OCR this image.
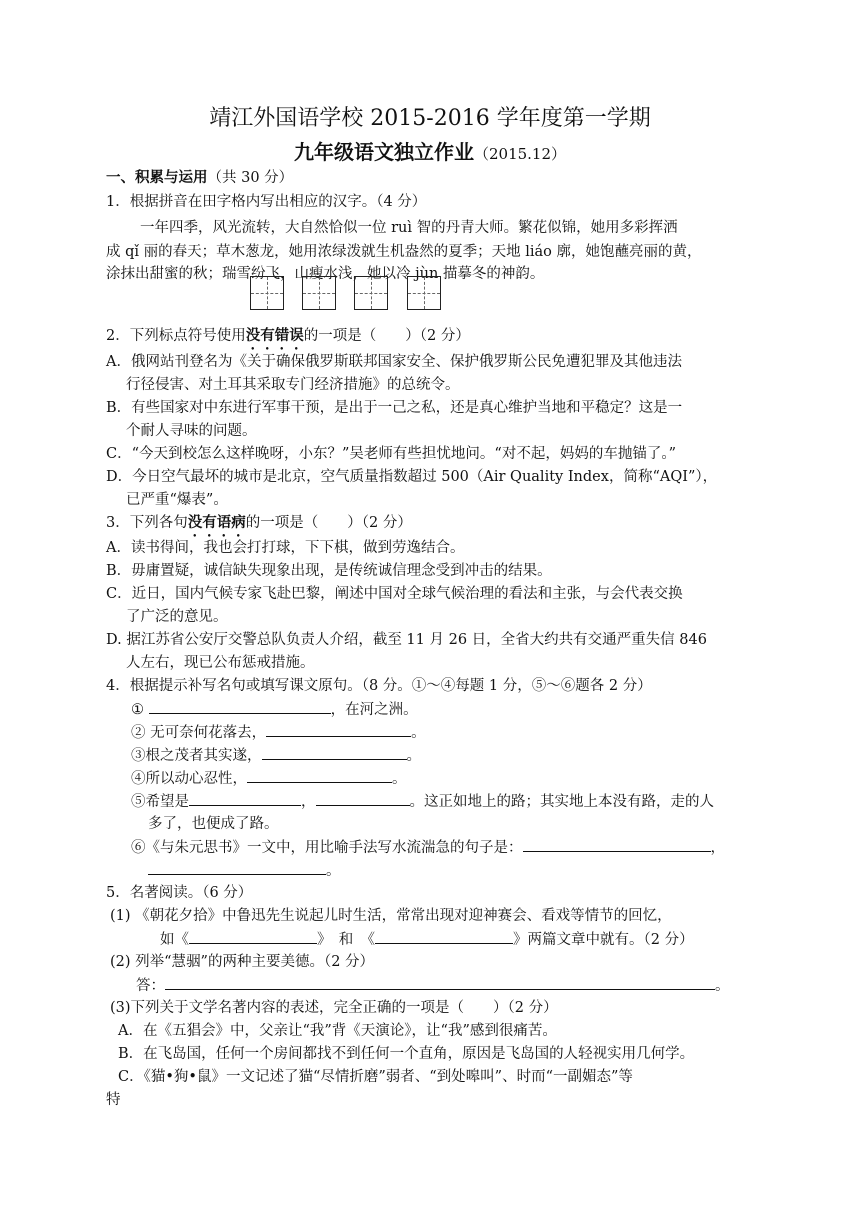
靖江外国语学校 2015-2016 学年度第一学期
九年级语文独立作业（2015.12）
一、积累与运用（共 30 分）
1．根据拼音在田字格内写出相应的汉字。（4 分）
一年四季，风光流转，大自然恰似一位 ruì 智的丹青大师。繁花似锦，她用多彩挥洒
成 qǐ 丽的春天；草木葱龙，她用浓绿泼就生机盎然的夏季；天地 liáo 廓，她饱蘸亮丽的黄，
涂抹出甜蜜的秋；瑞雪纷飞，山瘦水浅，她以冷 jùn 描摹冬的神韵。
2．下列标点符号使用没有错误的一项是（　　）（2 分）
A．俄网站刊登名为《关于确保俄罗斯联邦国家安全、保护俄罗斯公民免遭犯罪及其他违法
行径侵害、对土耳其采取专门经济措施》的总统令。
B．有些国家对中东进行军事干预，是出于一己之私，还是真心维护当地和平稳定？这是一
个耐人寻味的问题。
C．“今天到校怎么这样晚呀，小东？”吴老师有些担忧地问。“对不起，妈妈的车抛锚了。”
D．今日空气最坏的城市是北京，空气质量指数超过 500（Air Quality Index，简称“AQI”），
已严重“爆表”。
3．下列各句没有语病的一项是（　　）（2 分）
A．读书得间，我也会打打球，下下棋，做到劳逸结合。
B．毋庸置疑，诚信缺失现象出现，是传统诚信理念受到冲击的结果。
C．近日，国内气候专家飞赴巴黎，阐述中国对全球气候治理的看法和主张，与会代表交换
了广泛的意见。
D. 据江苏省公安厅交警总队负责人介绍，截至 11 月 26 日，全省大约共有交通严重失信 846
人左右，现已公布惩戒措施。
4．根据提示补写名句或填写课文原句。（8 分。①～④每题 1 分，⑤～⑥题各 2 分）
①	，在河之洲。
② 无可奈何花落去，	。
③根之茂者其实遂，	。
④所以动心忍性，	。
⑤希望是	，	。这正如地上的路；其实地上本没有路，走的人
多了，也便成了路。
⑥《与朱元思书》一文中，用比喻手法写水流湍急的句子是：	，
。
5．名著阅读。（6 分）
(1) 《朝花夕拾》中鲁迅先生说起儿时生活，常常出现对迎神赛会、看戏等情节的回忆，
如《	》　和　《	》两篇文章中就有。（2 分）
(2) 列举“慧骃”的两种主要美德。（2 分）
答：	。
(3)下列关于文学名著内容的表述，完全正确的一项是（　　）（2 分）
A．在《五猖会》中，父亲让“我”背《天演论》，让“我”感到很痛苦。
B．在飞岛国，任何一个房间都找不到任何一个直角，原因是飞岛国的人轻视实用几何学。
C．《猫•狗•鼠》一文记述了猫“尽情折磨”弱者、“到处嗥叫”、时而“一副媚态”等
特
